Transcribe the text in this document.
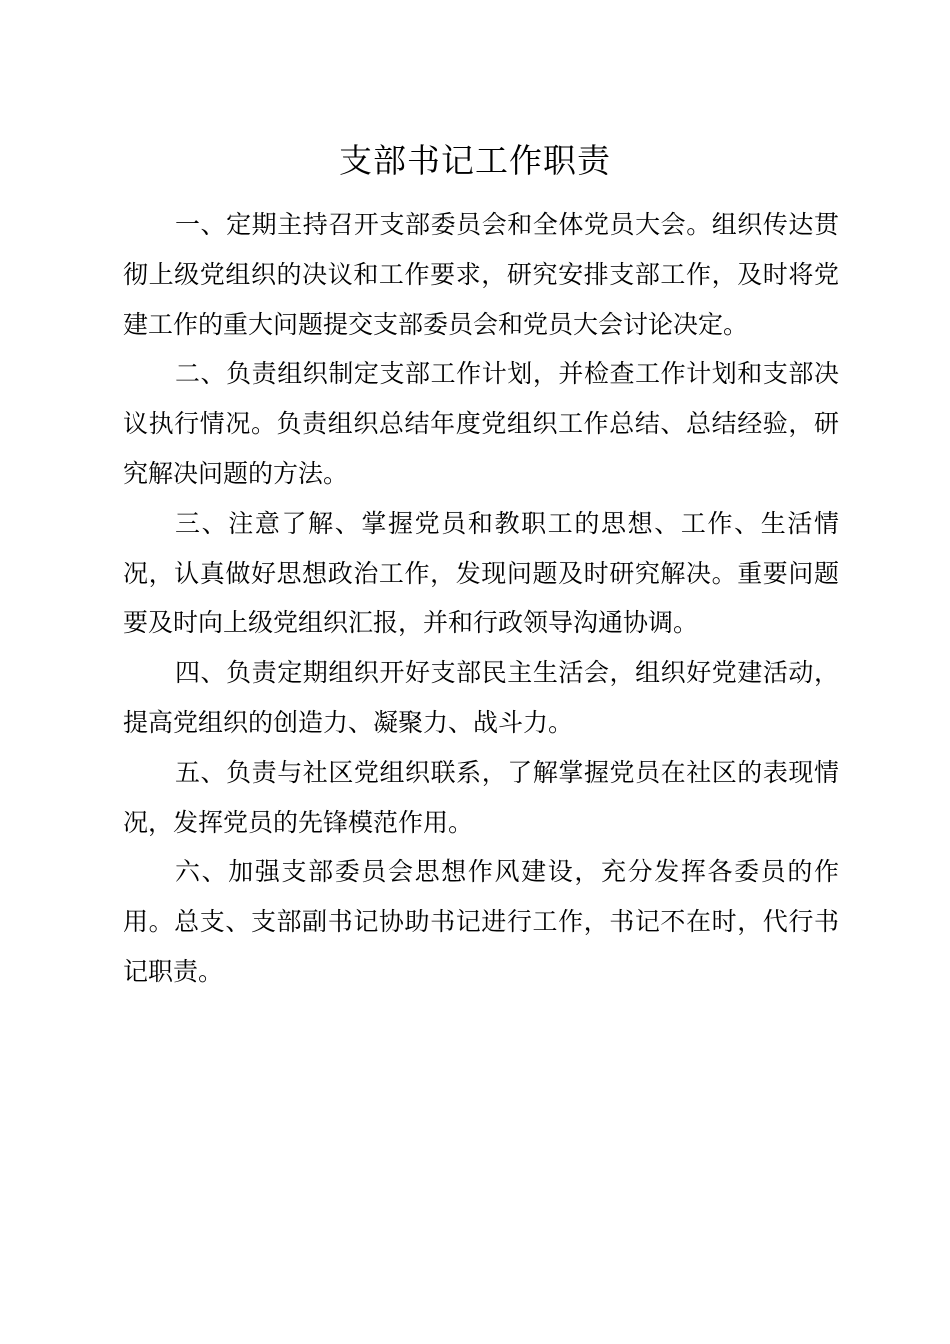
支部书记工作职责

一、定期主持召开支部委员会和全体党员大会。组织传达贯彻上级党组织的决议和工作要求，研究安排支部工作，及时将党建工作的重大问题提交支部委员会和党员大会讨论决定。

二、负责组织制定支部工作计划，并检查工作计划和支部决议执行情况。负责组织总结年度党组织工作总结、总结经验，研究解决问题的方法。

三、注意了解、掌握党员和教职工的思想、工作、生活情况，认真做好思想政治工作，发现问题及时研究解决。重要问题要及时向上级党组织汇报，并和行政领导沟通协调。

四、负责定期组织开好支部民主生活会，组织好党建活动，提高党组织的创造力、凝聚力、战斗力。

五、负责与社区党组织联系，了解掌握党员在社区的表现情况，发挥党员的先锋模范作用。

六、加强支部委员会思想作风建设，充分发挥各委员的作用。总支、支部副书记协助书记进行工作，书记不在时，代行书记职责。
